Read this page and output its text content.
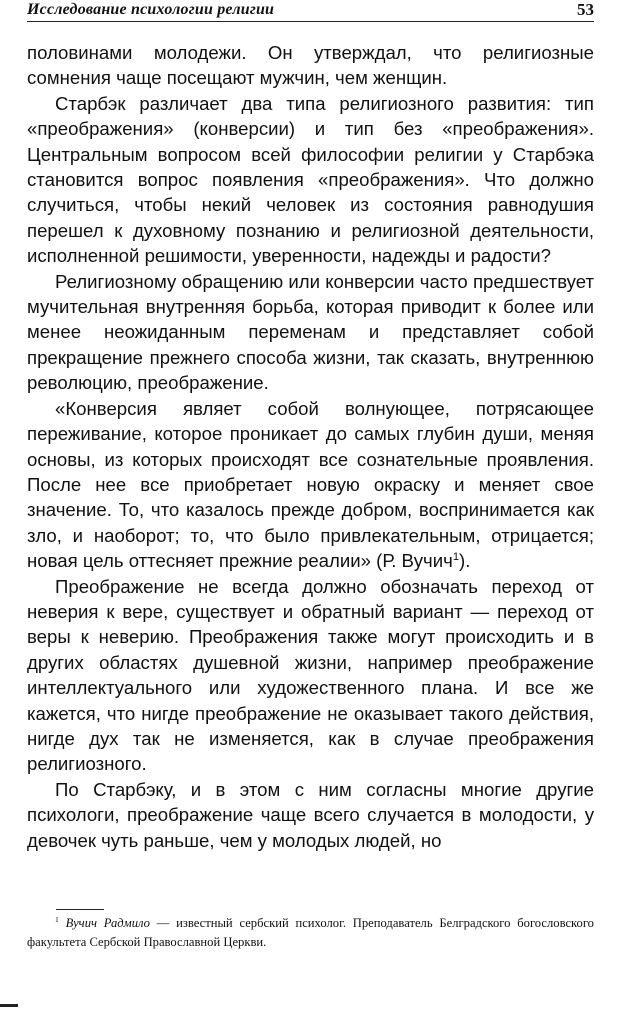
Исследование психологии религии	53

половинами молодежи. Он утверждал, что религиозные сомнения чаще посещают мужчин, чем женщин.

Старбэк различает два типа религиозного развития: тип «преображения» (конверсии) и тип без «преображения». Центральным вопросом всей философии религии у Старбэка становится вопрос появления «преображения». Что должно случиться, чтобы некий человек из состояния равнодушия перешел к духовному познанию и религиозной деятельности, исполненной решимости, уверенности, надежды и радости?

Религиозному обращению или конверсии часто предшествует мучительная внутренняя борьба, которая приводит к более или менее неожиданным переменам и представляет собой прекращение прежнего способа жизни, так сказать, внутреннюю революцию, преображение.

«Конверсия являет собой волнующее, потрясающее переживание, которое проникает до самых глубин души, меняя основы, из которых происходят все сознательные проявления. После нее все приобретает новую окраску и меняет свое значение. То, что казалось прежде добром, воспринимается как зло, и наоборот; то, что было привлекательным, отрицается; новая цель оттесняет прежние реалии» (Р. Вучич$^1$).

Преображение не всегда должно обозначать переход от неверия к вере, существует и обратный вариант — переход от веры к неверию. Преображения также могут происходить и в других областях душевной жизни, например преображение интеллектуального или художественного плана. И все же кажется, что нигде преображение не оказывает такого действия, нигде дух так не изменяется, как в случае преображения религиозного.

По Старбэку, и в этом с ним согласны многие другие психологи, преображение чаще всего случается в молодости, у девочек чуть раньше, чем у молодых людей, но

$^1$ Вучич Радмило — известный сербский психолог. Преподаватель Белградского богословского факультета Сербской Православной Церкви.
